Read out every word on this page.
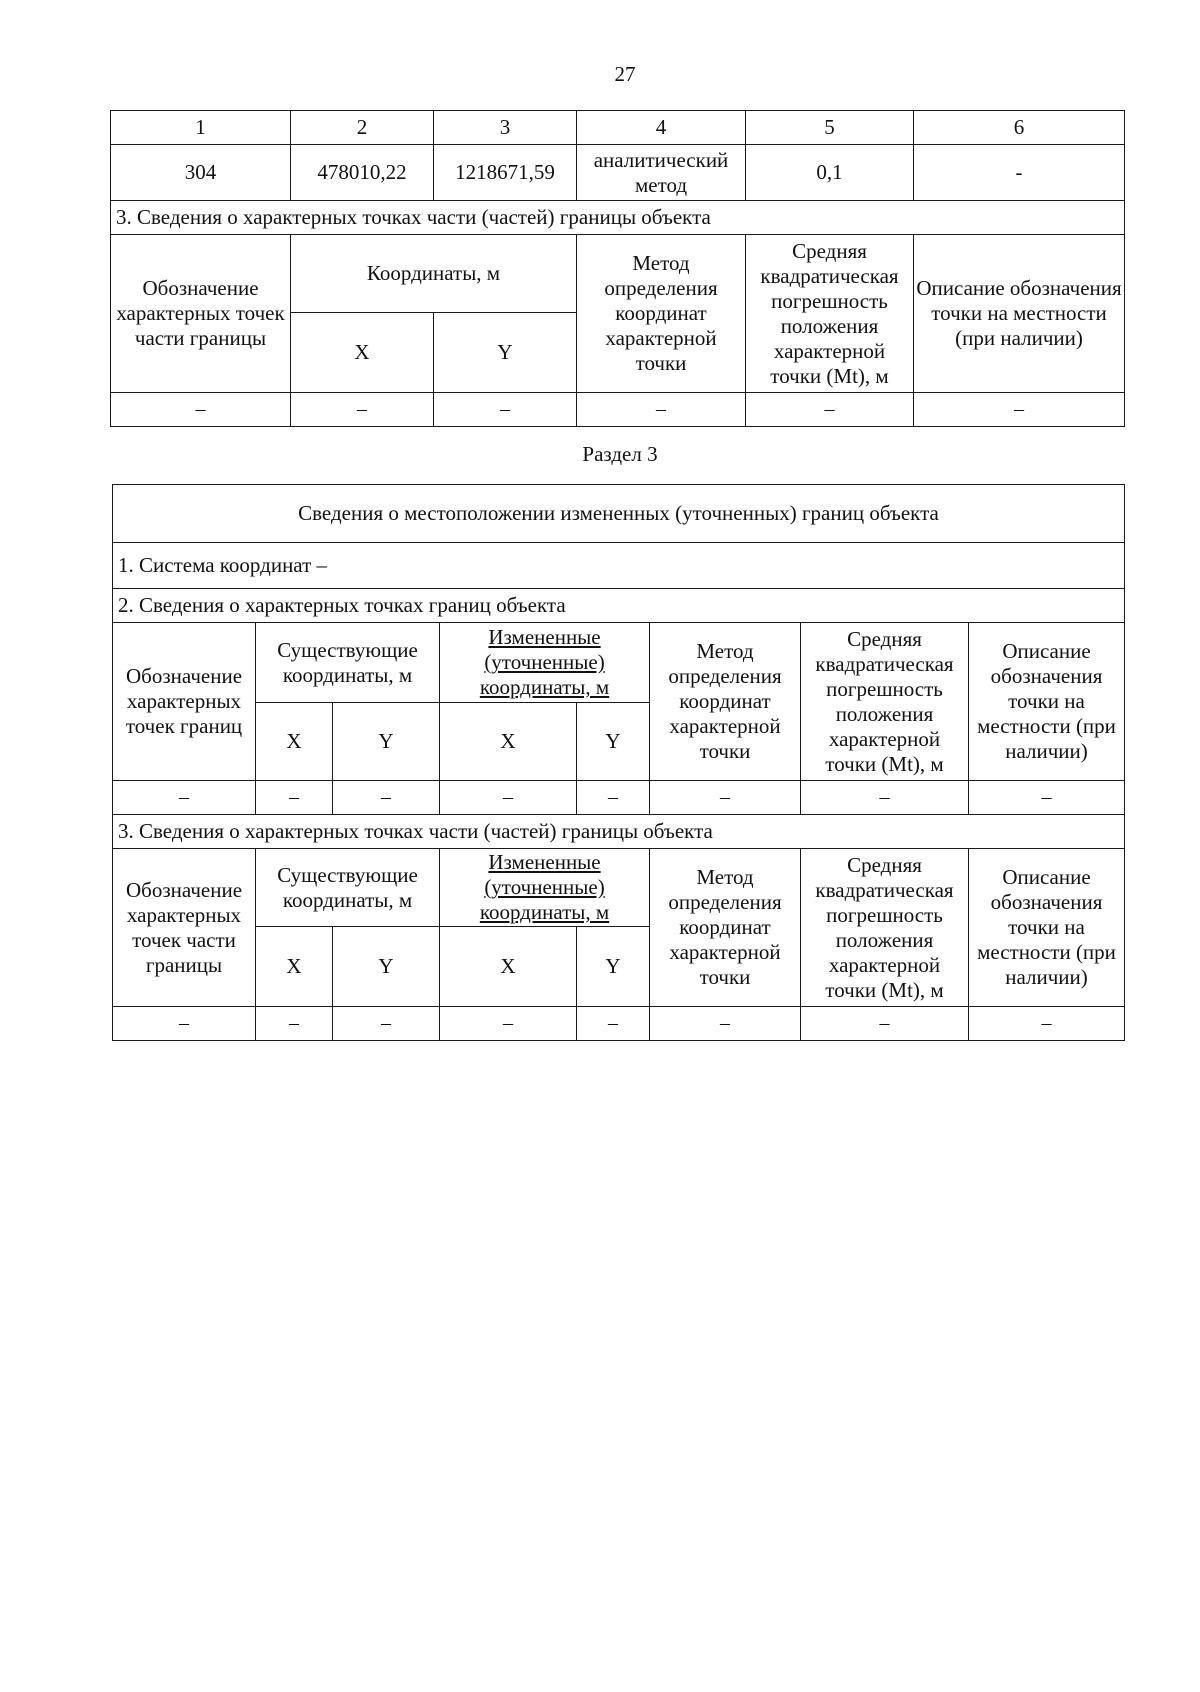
27
1	2	3	4	5	6
304	478010,22	1218671,59	аналитический метод	0,1	-
3. Сведения о характерных точках части (частей) границы объекта					
Обозначение характерных точек части границы	Координаты, м		Метод определения координат характерной точки	Средняя квадратическая погрешность положения характерной точки (Mt), м	Описание обозначения точки на местности (при наличии)
	X	Y			
–	–	–	–	–	–
Раздел 3
Сведения о местоположении измененных (уточненных) границ объекта							
1. Система координат –							
2. Сведения о характерных точках границ объекта							
Обозначение характерных точек границ	Существующие координаты, м		Измененные (уточненные) координаты, м		Метод определения координат характерной точки	Средняя квадратическая погрешность положения характерной точки (Mt), м	Описание обозначения точки на местности (при наличии)
	X	Y	X	Y			
–	–	–	–	–	–	–	–
3. Сведения о характерных точках части (частей) границы объекта							
Обозначение характерных точек части границы	Существующие координаты, м		Измененные (уточненные) координаты, м		Метод определения координат характерной точки	Средняя квадратическая погрешность положения характерной точки (Mt), м	Описание обозначения точки на местности (при наличии)
	X	Y	X	Y			
–	–	–	–	–	–	–	–
